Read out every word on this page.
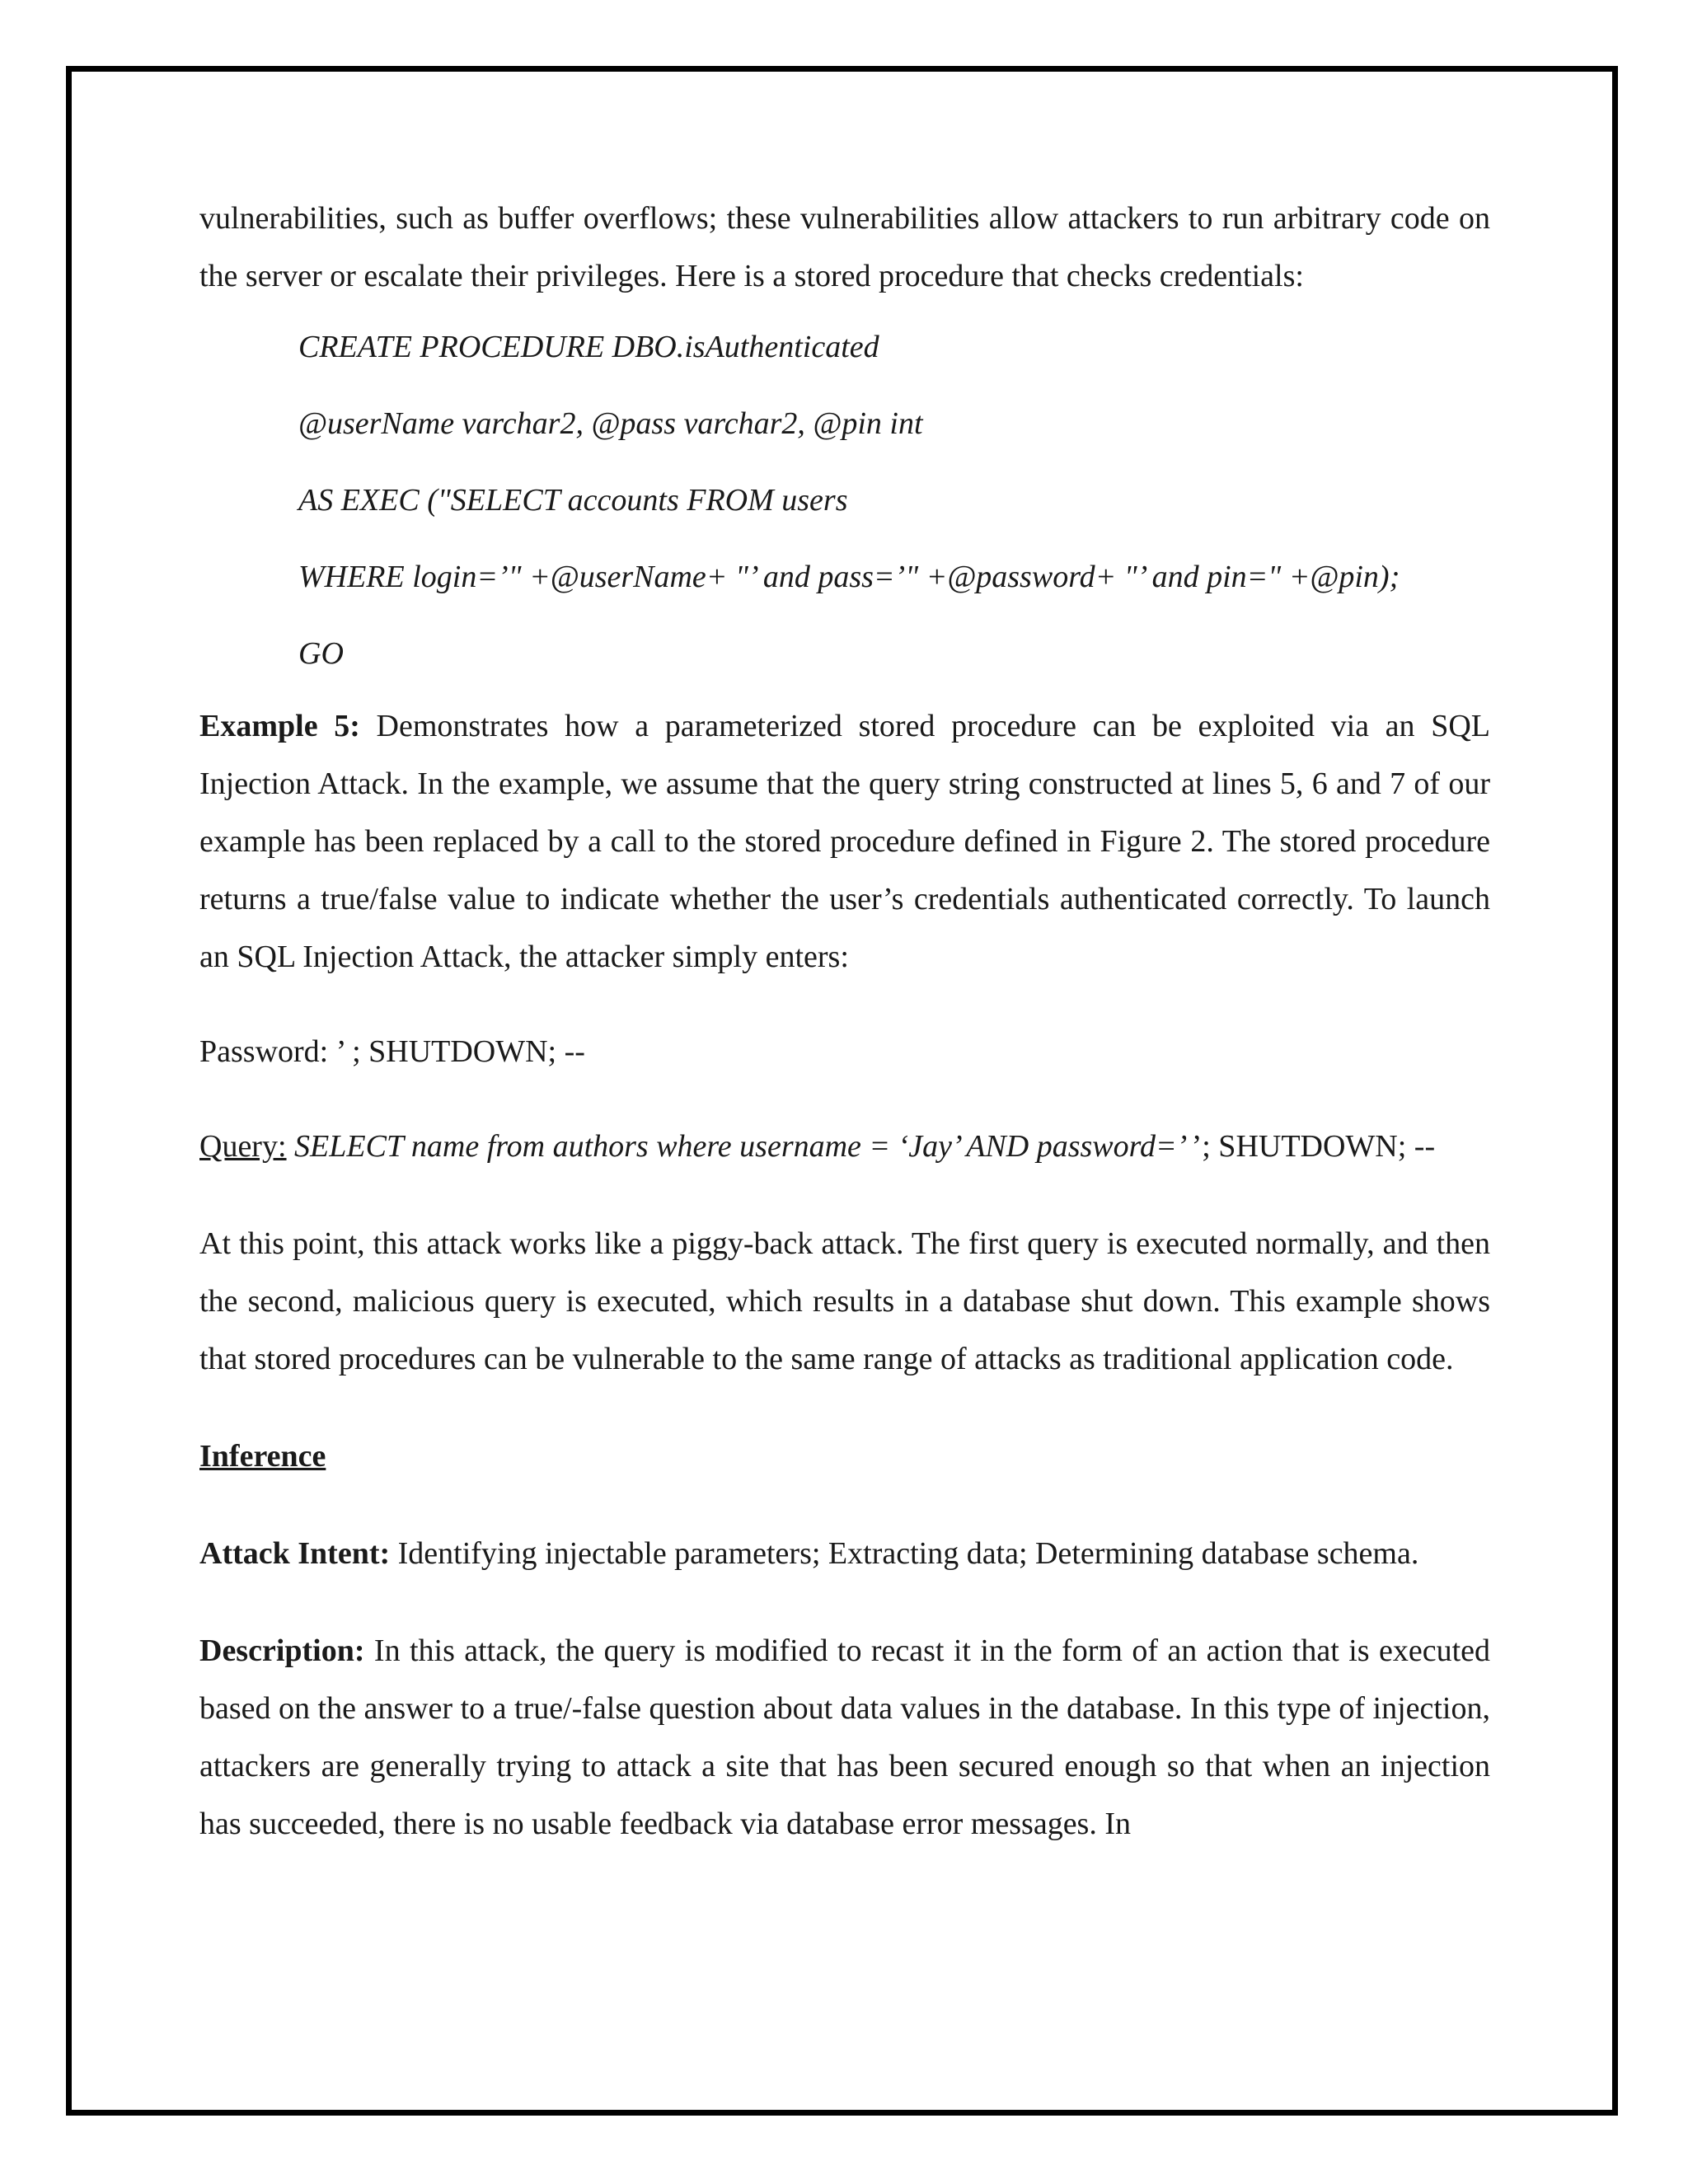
vulnerabilities, such as buffer overflows; these vulnerabilities allow attackers to run arbitrary code on the server or escalate their privileges. Here is a stored procedure that checks credentials:

CREATE PROCEDURE DBO.isAuthenticated
@userName varchar2, @pass varchar2, @pin int
AS EXEC ("SELECT accounts FROM users
WHERE login=’" +@userName+ "’ and pass=’" +@password+ "’ and pin=" +@pin);
GO

Example 5: Demonstrates how a parameterized stored procedure can be exploited via an SQL Injection Attack. In the example, we assume that the query string constructed at lines 5, 6 and 7 of our example has been replaced by a call to the stored procedure defined in Figure 2. The stored procedure returns a true/false value to indicate whether the user’s credentials authenticated correctly. To launch an SQL Injection Attack, the attacker simply enters:

Password: ’ ; SHUTDOWN; --

Query: SELECT name from authors where username = ‘Jay’ AND password=’ ’; SHUTDOWN; --

At this point, this attack works like a piggy-back attack. The first query is executed normally, and then the second, malicious query is executed, which results in a database shut down. This example shows that stored procedures can be vulnerable to the same range of attacks as traditional application code.

Inference

Attack Intent: Identifying injectable parameters; Extracting data; Determining database schema.

Description: In this attack, the query is modified to recast it in the form of an action that is executed based on the answer to a true/-false question about data values in the database. In this type of injection, attackers are generally trying to attack a site that has been secured enough so that when an injection has succeeded, there is no usable feedback via database error messages. In
